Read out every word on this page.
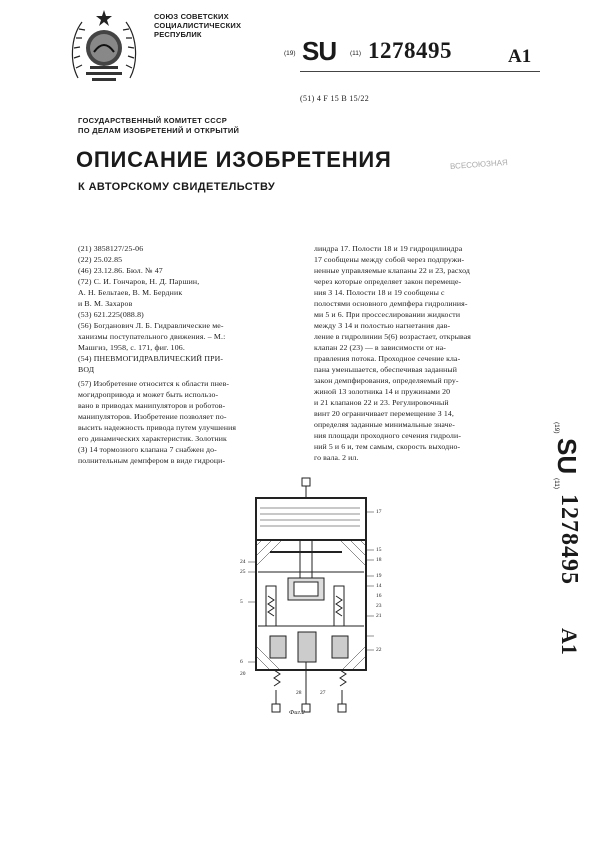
СОЮЗ СОВЕТСКИХ
СОЦИАЛИСТИЧЕСКИХ
РЕСПУБЛИК
(19) SU (11) 1278495	A1
(51) 4 F 15 B 15/22
ГОСУДАРСТВЕННЫЙ КОМИТЕТ СССР
ПО ДЕЛАМ ИЗОБРЕТЕНИЙ И ОТКРЫТИЙ
ОПИСАНИЕ ИЗОБРЕТЕНИЯ
К АВТОРСКОМУ СВИДЕТЕЛЬСТВУ
ВСЕСОЮЗНАЯ
(21) 3858127/25-06
(22) 25.02.85
(46) 23.12.86. Бюл. № 47
(72) С. И. Гончаров, Н. Д. Паршин,
А. Н. Бельтаев, В. М. Бердник
и В. М. Захаров
(53) 621.225(088.8)
(56) Богданович Л. Б. Гидравлические ме-
ханизмы поступательного движения. – М.:
Машгиз, 1958, с. 171, фиг. 106.
(54) ПНЕВМОГИДРАВЛИЧЕСКИЙ ПРИ-
ВОД
(57) Изобретение относится к области пнев-
могидропривода и может быть использо-
вано в приводах манипуляторов и роботов-
манипуляторов. Изобретение позволяет по-
высить надежность привода путем улучшения
его динамических характеристик. Золотник
(З) 14 тормозного клапана 7 снабжен до-
полнительным демпфером в виде гидроци-
линдра 17. Полости 18 и 19 гидроцилиндра
17 сообщены между собой через подпружи-
ненные управляемые клапаны 22 и 23, расход
через которые определяет закон перемеще-
ния З 14. Полости 18 и 19 сообщены с
полостями основного демпфера гидролиния-
ми 5 и 6. При проссеслировании жидкости
между З 14 и полостью нагнетания дав-
ление в гидролинии 5(6) возрастает, открывая
клапан 22 (23) — в зависимости от на-
правления потока. Проходное сечение кла-
пана уменьшается, обеспечивая заданный
закон демпфирования, определяемый пру-
жиной 13 золотника 14 и пружинами 20
и 21 клапанов 22 и 23. Регулировочный
винт 20 ограничивает перемещение З 14,
определяя заданные минимальные значе-
ния площади проходного сечения гидроли-
ний 5 и 6 и, тем самым, скорость выходно-
го вала. 2 ил.
(19)
SU
(11)
1278495
A1
17
15
18
19
24
25
14
16
21
23
22
5
6
20
27
28
Фиг.2
